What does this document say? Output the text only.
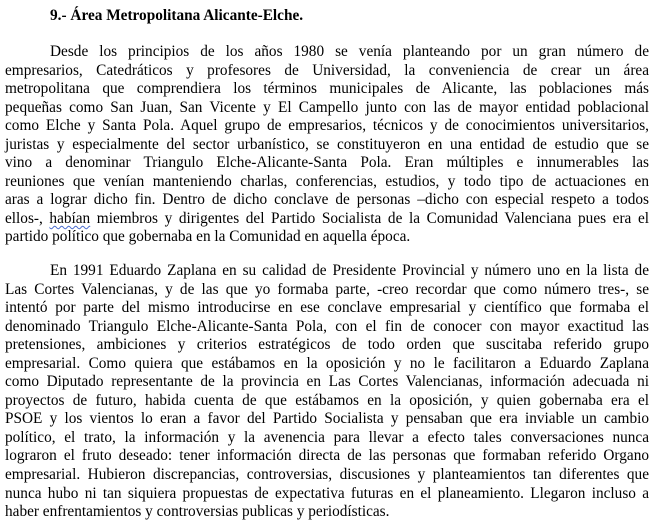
9.- Área Metropolitana Alicante-Elche.
Desde los principios de los años 1980 se venía planteando por un gran número de
empresarios, Catedráticos y profesores de Universidad, la conveniencia de crear un área
metropolitana que comprendiera los términos municipales de Alicante, las poblaciones más
pequeñas como San Juan, San Vicente y El Campello junto con las de mayor entidad poblacional
como Elche y Santa Pola. Aquel grupo de empresarios, técnicos y de conocimientos universitarios,
juristas y especialmente del sector urbanístico, se constituyeron en una entidad de estudio que se
vino a denominar Triangulo Elche-Alicante-Santa Pola. Eran múltiples e innumerables las
reuniones que venían manteniendo charlas, conferencias, estudios, y todo tipo de actuaciones en
aras a lograr dicho fin. Dentro de dicho conclave de personas –dicho con especial respeto a todos
ellos-, habían miembros y dirigentes del Partido Socialista de la Comunidad Valenciana pues era el
partido político que gobernaba en la Comunidad en aquella época.
En 1991 Eduardo Zaplana en su calidad de Presidente Provincial y número uno en la lista de
Las Cortes Valencianas, y de las que yo formaba parte, -creo recordar que como número tres-, se
intentó por parte del mismo introducirse en ese conclave empresarial y científico que formaba el
denominado Triangulo Elche-Alicante-Santa Pola, con el fin de conocer con mayor exactitud las
pretensiones, ambiciones y criterios estratégicos de todo orden que suscitaba referido grupo
empresarial. Como quiera que estábamos en la oposición y no le facilitaron a Eduardo Zaplana
como Diputado representante de la provincia en Las Cortes Valencianas, información adecuada ni
proyectos de futuro, habida cuenta de que estábamos en la oposición, y quien gobernaba era el
PSOE y los vientos lo eran a favor del Partido Socialista y pensaban que era inviable un cambio
político, el trato, la información y la avenencia para llevar a efecto tales conversaciones nunca
lograron el fruto deseado: tener información directa de las personas que formaban referido Organo
empresarial. Hubieron discrepancias, controversias, discusiones y planteamientos tan diferentes que
nunca hubo ni tan siquiera propuestas de expectativa futuras en el planeamiento. Llegaron incluso a
haber enfrentamientos y controversias publicas y periodísticas.
